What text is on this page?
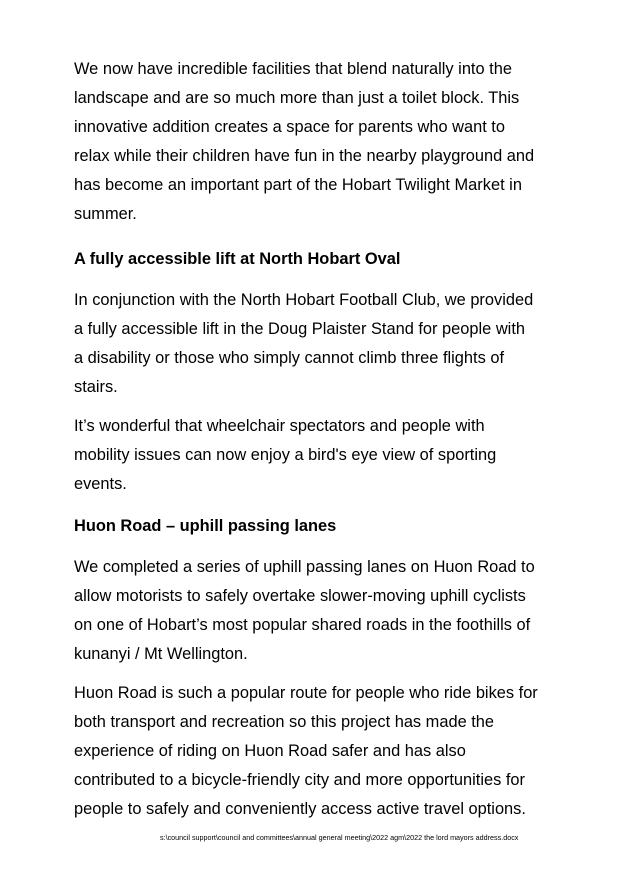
We now have incredible facilities that blend naturally into the
landscape and are so much more than just a toilet block. This
innovative addition creates a space for parents who want to
relax while their children have fun in the nearby playground and
has become an important part of the Hobart Twilight Market in
summer.

A fully accessible lift at North Hobart Oval

In conjunction with the North Hobart Football Club, we provided
a fully accessible lift in the Doug Plaister Stand for people with
a disability or those who simply cannot climb three flights of
stairs.

It’s wonderful that wheelchair spectators and people with
mobility issues can now enjoy a bird's eye view of sporting
events.

Huon Road – uphill passing lanes

We completed a series of uphill passing lanes on Huon Road to
allow motorists to safely overtake slower-moving uphill cyclists
on one of Hobart’s most popular shared roads in the foothills of
kunanyi / Mt Wellington.

Huon Road is such a popular route for people who ride bikes for
both transport and recreation so this project has made the
experience of riding on Huon Road safer and has also
contributed to a bicycle-friendly city and more opportunities for
people to safely and conveniently access active travel options.

s:\council support\council and committees\annual general meeting\2022 agm\2022 the lord mayors address.docx
